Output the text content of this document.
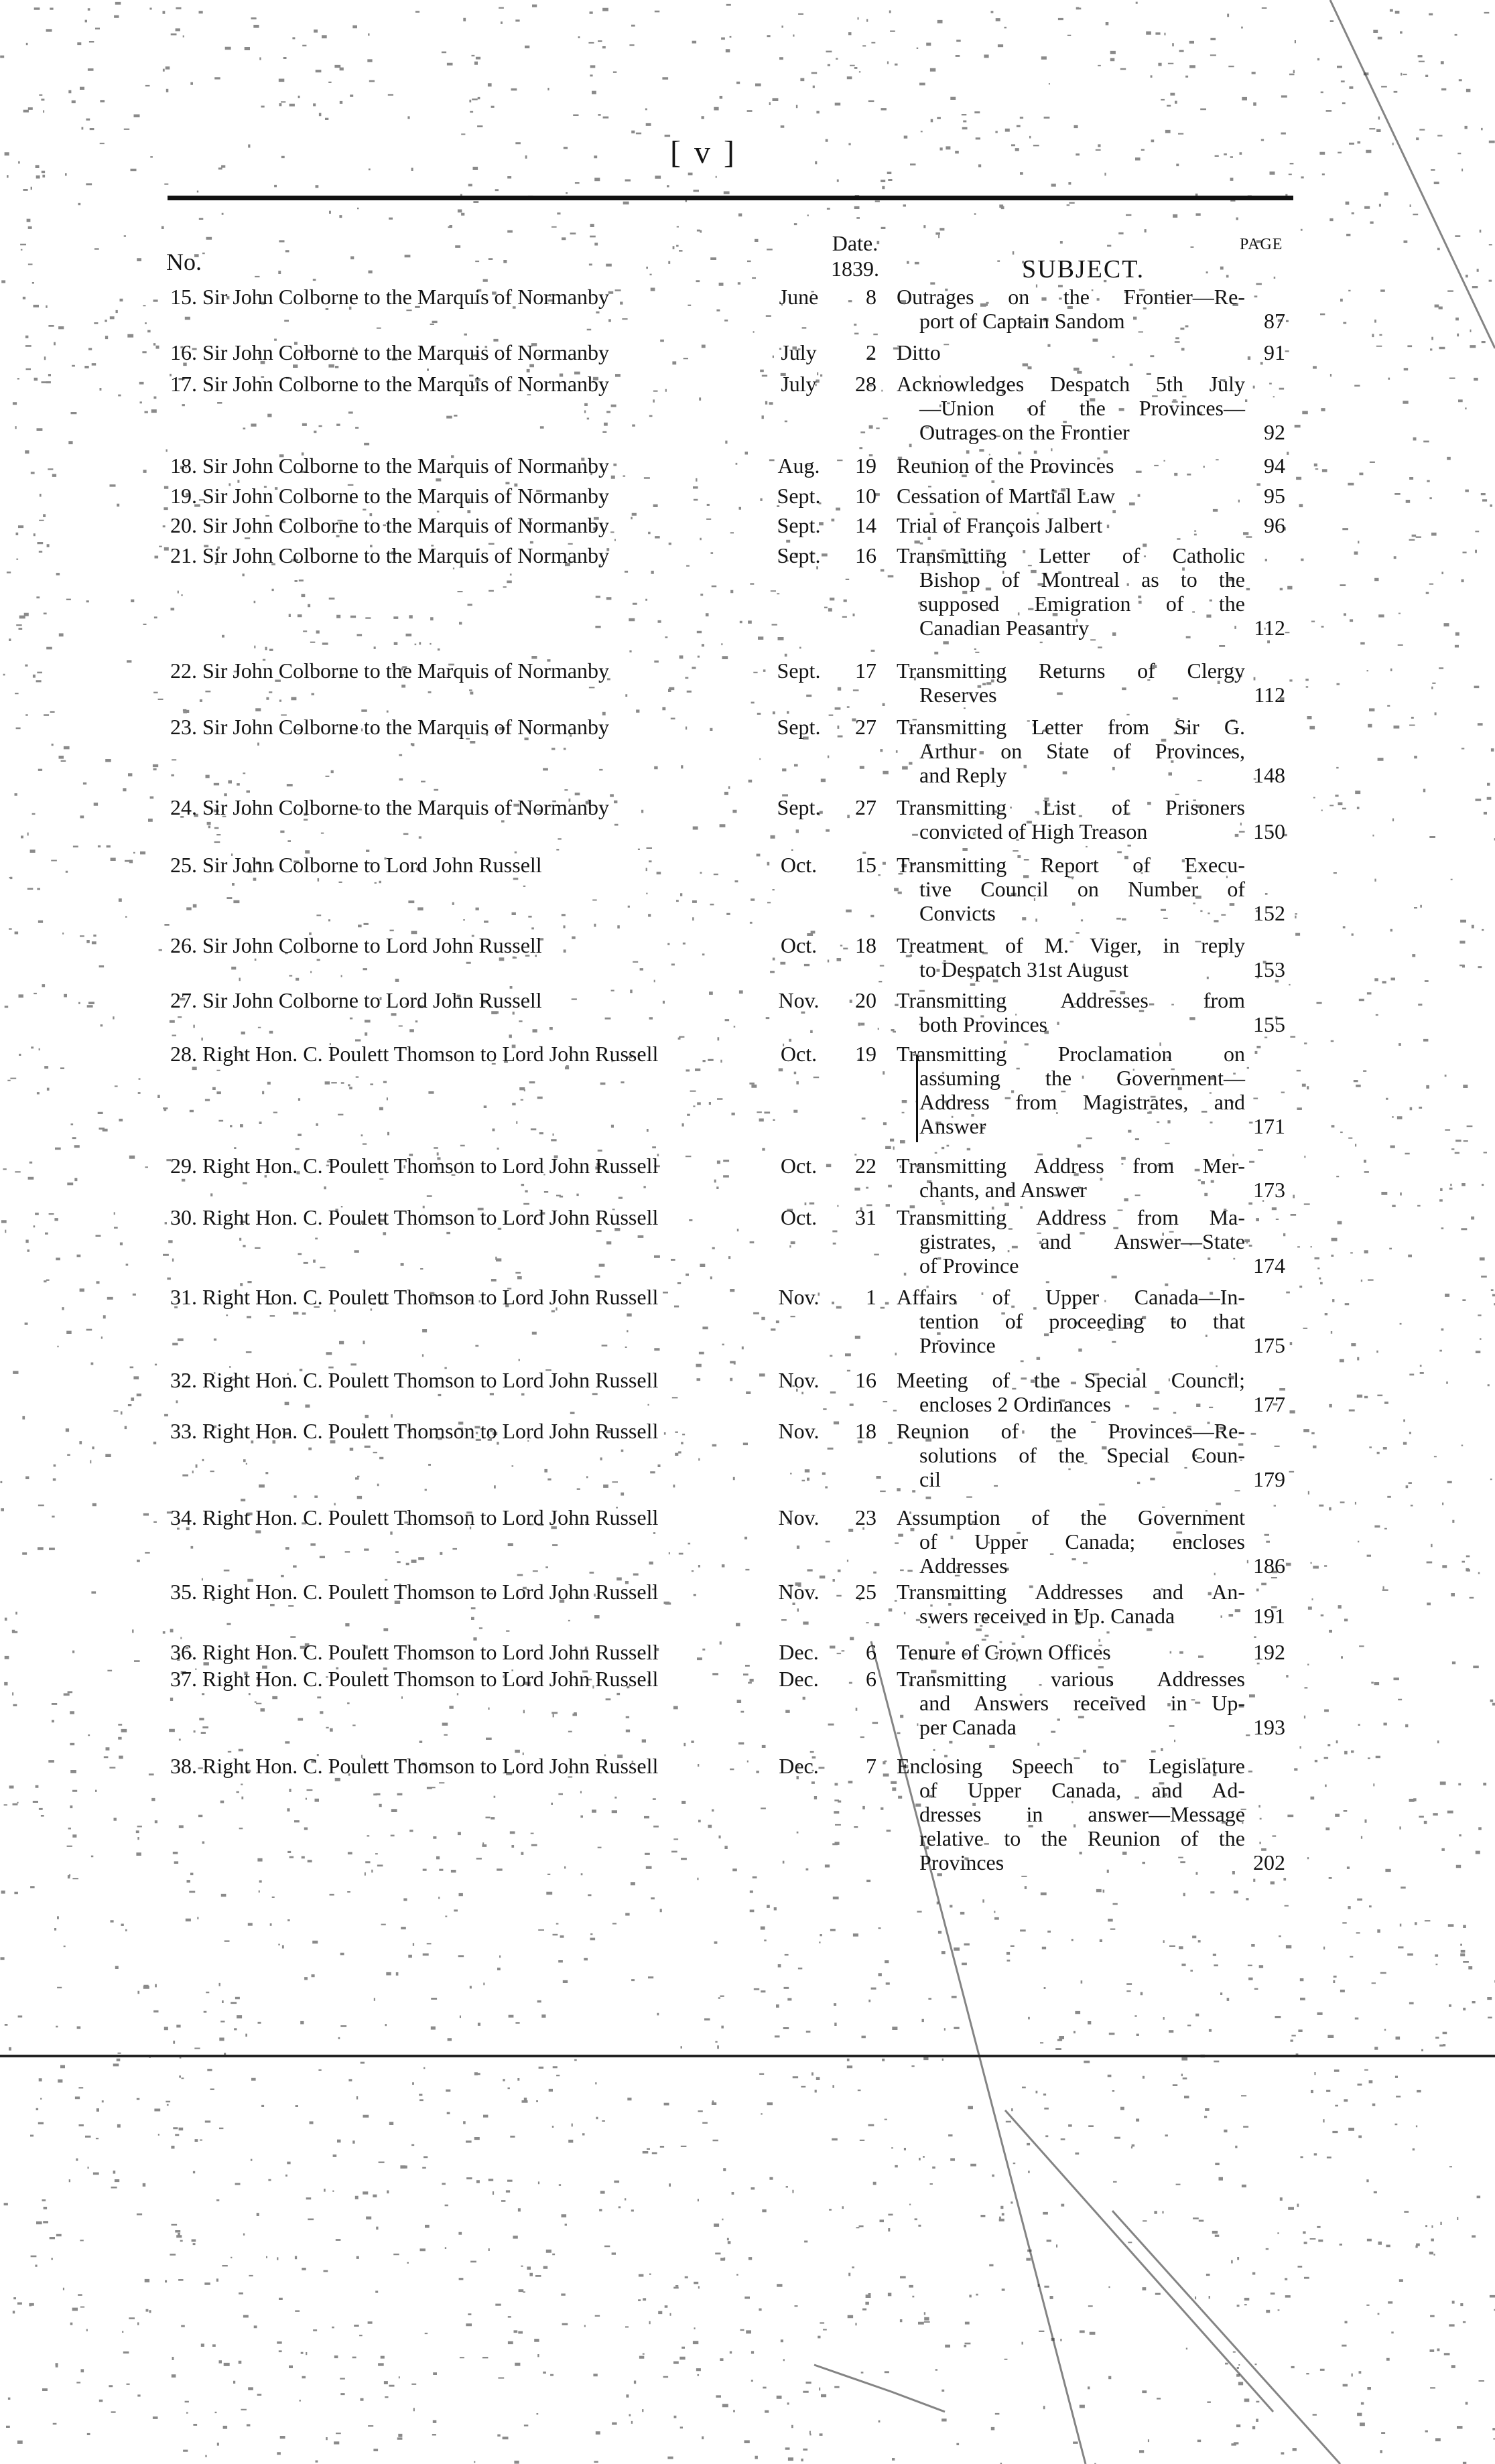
[ v ]
No.
Date.
1839.	SUBJECT.
PAGE
15. Sir John Colborne to the Marquis of Normanby	June	8 Outrages on the Frontier—Re-
port of Captain Sandom	87
16. Sir John Colborne to the Marquis of Normanby	July	2 Ditto	91
17. Sir John Colborne to the Marquis of Normanby	July	28 Acknowledges Despatch 5th July
—Union of the Provinces—
Outrages on the Frontier	92
18. Sir John Colborne to the Marquis of Normanby	Aug.	19 Reunion of the Provinces	94
19. Sir John Colborne to the Marquis of Normanby	Sept.	10 Cessation of Martial Law	95
20. Sir John Colborne to the Marquis of Normanby	Sept.	14 Trial of François Jalbert	96
21. Sir John Colborne to the Marquis of Normanby	Sept.	16 Transmitting Letter of Catholic
Bishop of Montreal as to the
supposed Emigration of the
Canadian Peasantry	112
22. Sir John Colborne to the Marquis of Normanby	Sept.	17 Transmitting Returns of Clergy
Reserves	112
23. Sir John Colborne to the Marquis of Normanby	Sept.	27 Transmitting Letter from Sir G.
Arthur on State of Provinces,
and Reply	148
24. Sir John Colborne to the Marquis of Normanby	Sept.	27 Transmitting List of Prisoners
convicted of High Treason	150
25. Sir John Colborne to Lord John Russell	Oct.	15 Transmitting Report of Execu-
tive Council on Number of
Convicts	152
26. Sir John Colborne to Lord John Russell	Oct.	18 Treatment of M. Viger, in reply
to Despatch 31st August	153
27. Sir John Colborne to Lord John Russell	Nov.	20 Transmitting Addresses from
both Provinces	155
28. Right Hon. C. Poulett Thomson to Lord John Russell	Oct.	19 Transmitting Proclamation on
assuming the Government—
Address from Magistrates, and
Answer	171
29. Right Hon. C. Poulett Thomson to Lord John Russell	Oct.	22 Transmitting Address from Mer-
chants, and Answer	173
30. Right Hon. C. Poulett Thomson to Lord John Russell	Oct.	31 Transmitting Address from Ma-
gistrates, and Answer—State
of Province	174
31. Right Hon. C. Poulett Thomson to Lord John Russell	Nov.	1 Affairs of Upper Canada—In-
tention of proceeding to that
Province	175
32. Right Hon. C. Poulett Thomson to Lord John Russell	Nov.	16 Meeting of the Special Council;
encloses 2 Ordinances	177
33. Right Hon. C. Poulett Thomson to Lord John Russell	Nov.	18 Reunion of the Provinces—Re-
solutions of the Special Coun-
cil	179
34. Right Hon. C. Poulett Thomson to Lord John Russell	Nov.	23 Assumption of the Government
of Upper Canada; encloses
Addresses	186
35. Right Hon. C. Poulett Thomson to Lord John Russell	Nov.	25 Transmitting Addresses and An-
swers received in Up. Canada	191
36. Right Hon. C. Poulett Thomson to Lord John Russell	Dec.	6 Tenure of Crown Offices	192
37. Right Hon. C. Poulett Thomson to Lord John Russell	Dec.	6 Transmitting various Addresses
and Answers received in Up-
per Canada	193
38. Right Hon. C. Poulett Thomson to Lord John Russell	Dec.	7 Enclosing Speech to Legislature
of Upper Canada, and Ad-
dresses in answer—Message
relative to the Reunion of the
Provinces	202
